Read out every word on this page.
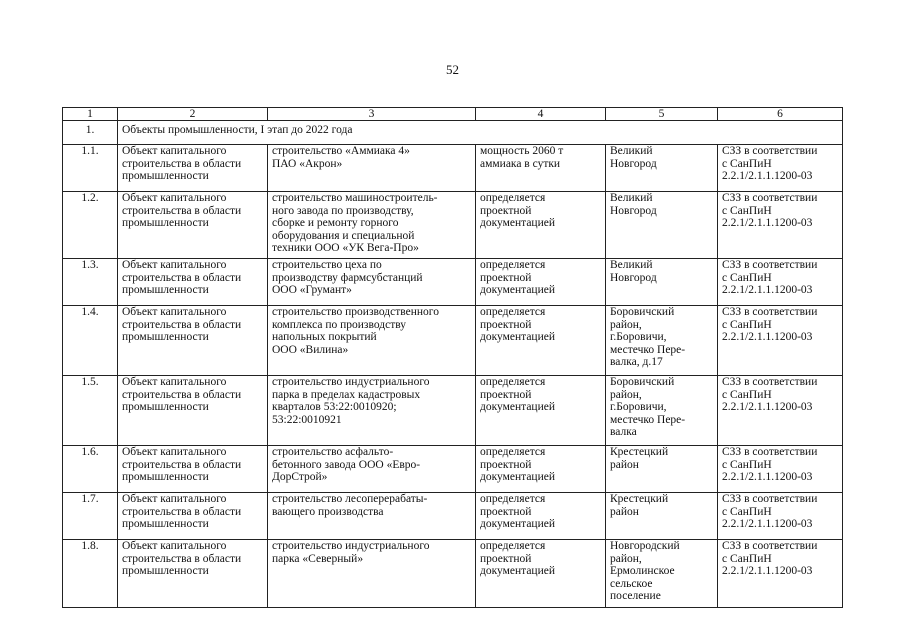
52
1	2	3	4	5	6
1.	Объекты промышленности, I этап до 2022 года				
1.1.	Объект капитального
строительства в области
промышленности	строительство «Аммиака 4»
ПАО «Акрон»	мощность 2060 т
аммиака в сутки	Великий
Новгород	СЗЗ в соответствии
с СанПиН
2.2.1/2.1.1.1200-03

1.2.	Объект капитального
строительства в области
промышленности	строительство машиностроитель-
ного завода по производству,
сборке и ремонту горного
оборудования и специальной
техники ООО «УК Вега-Про»	определяется
проектной
документацией	Великий
Новгород	СЗЗ в соответствии
с СанПиН
2.2.1/2.1.1.1200-03

1.3.	Объект капитального
строительства в области
промышленности	строительство цеха по
производству фармсубстанций
ООО «Грумант»	определяется
проектной
документацией	Великий
Новгород	СЗЗ в соответствии
с СанПиН
2.2.1/2.1.1.1200-03

1.4.	Объект капитального
строительства в области
промышленности	строительство производственного
комплекса по производству
напольных покрытий
ООО «Вилина»	определяется
проектной
документацией	Боровичский
район,
г.Боровичи,
местечко Пере-
валка, д.17	СЗЗ в соответствии
с СанПиН
2.2.1/2.1.1.1200-03

1.5.	Объект капитального
строительства в области
промышленности	строительство индустриального
парка в пределах кадастровых
кварталов 53:22:0010920;
53:22:0010921	определяется
проектной
документацией	Боровичский
район,
г.Боровичи,
местечко Пере-
валка	СЗЗ в соответствии
с СанПиН
2.2.1/2.1.1.1200-03

1.6.	Объект капитального
строительства в области
промышленности	строительство асфальто-
бетонного завода ООО «Евро-
ДорСтрой»	определяется
проектной
документацией	Крестецкий
район	СЗЗ в соответствии
с СанПиН
2.2.1/2.1.1.1200-03

1.7.	Объект капитального
строительства в области
промышленности	строительство лесоперерабаты-
вающего производства	определяется
проектной
документацией	Крестецкий
район	СЗЗ в соответствии
с СанПиН
2.2.1/2.1.1.1200-03

1.8.	Объект капитального
строительства в области
промышленности	строительство индустриального
парка «Северный»	определяется
проектной
документацией	Новгородский
район,
Ермолинское
сельское
поселение	СЗЗ в соответствии
с СанПиН
2.2.1/2.1.1.1200-03
